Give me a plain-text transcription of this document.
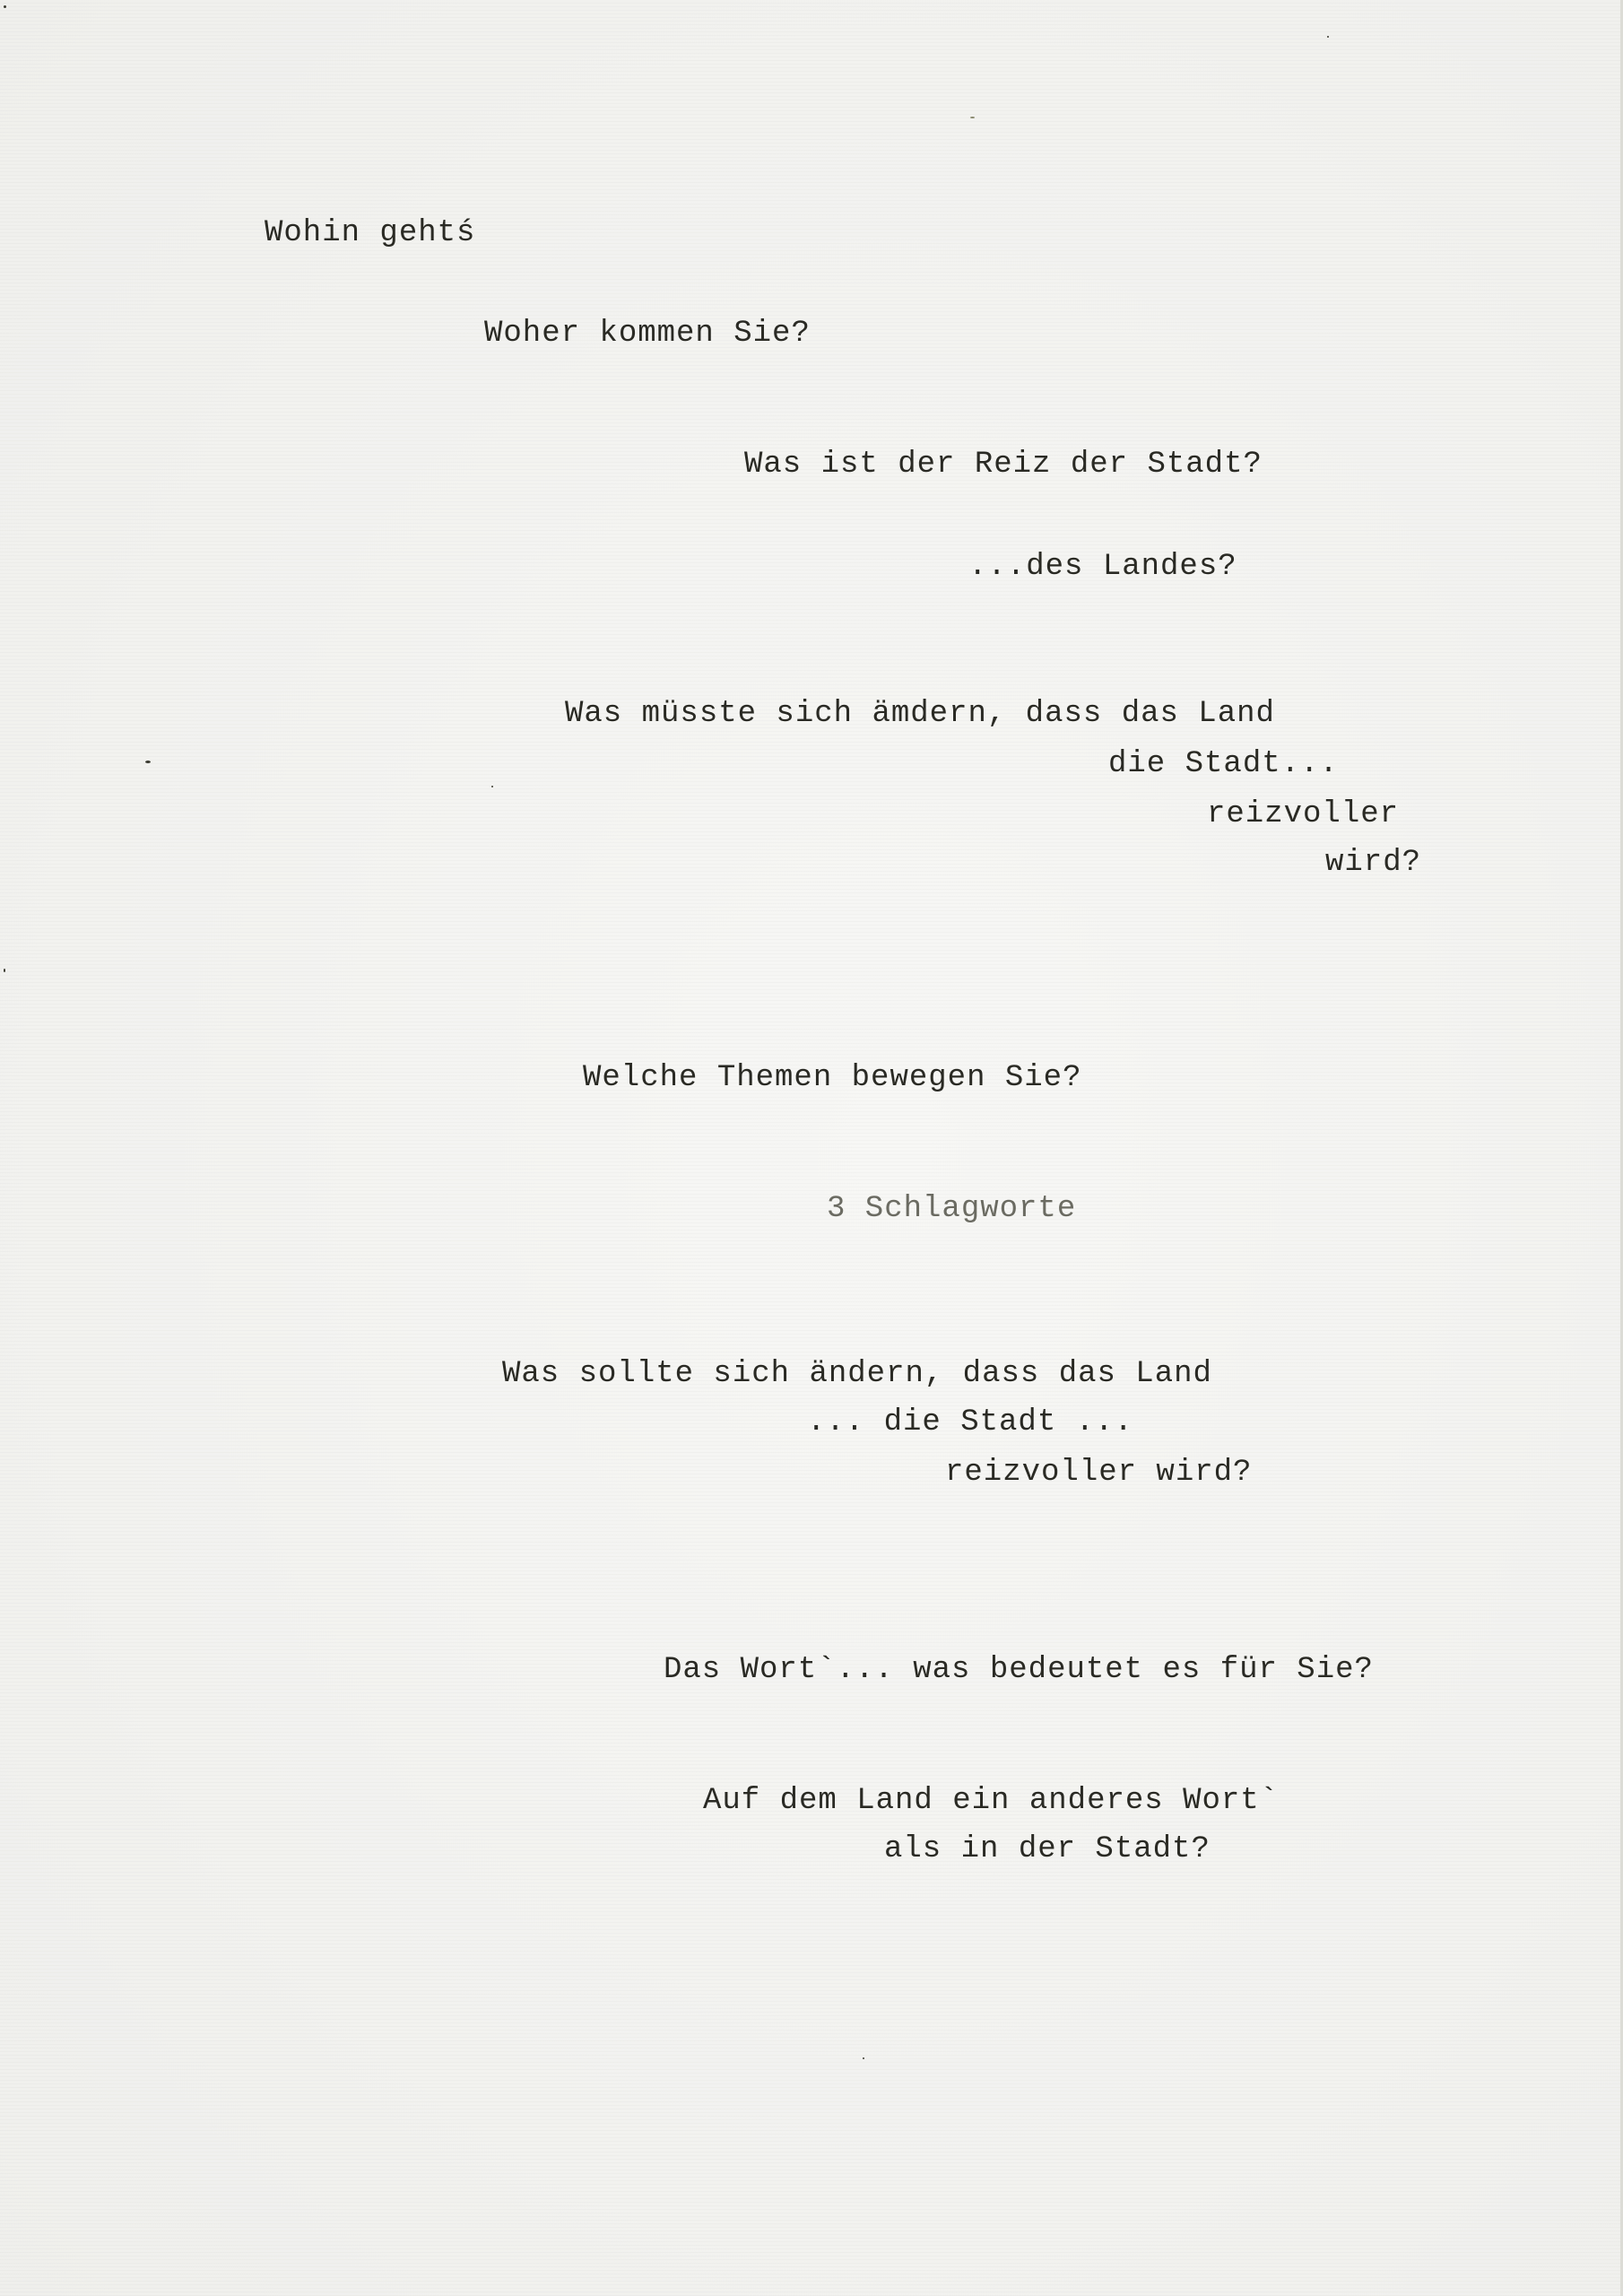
Wohin gehtś
Woher kommen Sie?
Was ist der Reiz der Stadt?
...des Landes?
Was müsste sich ämdern, dass das Land
die Stadt...
reizvoller
wird?
Welche Themen bewegen Sie?
3 Schlagworte
Was sollte sich ändern, dass das Land
... die Stadt ...
reizvoller wird?
Das Wort`... was bedeutet es für Sie?
Auf dem Land ein anderes Wort`
als in der Stadt?
